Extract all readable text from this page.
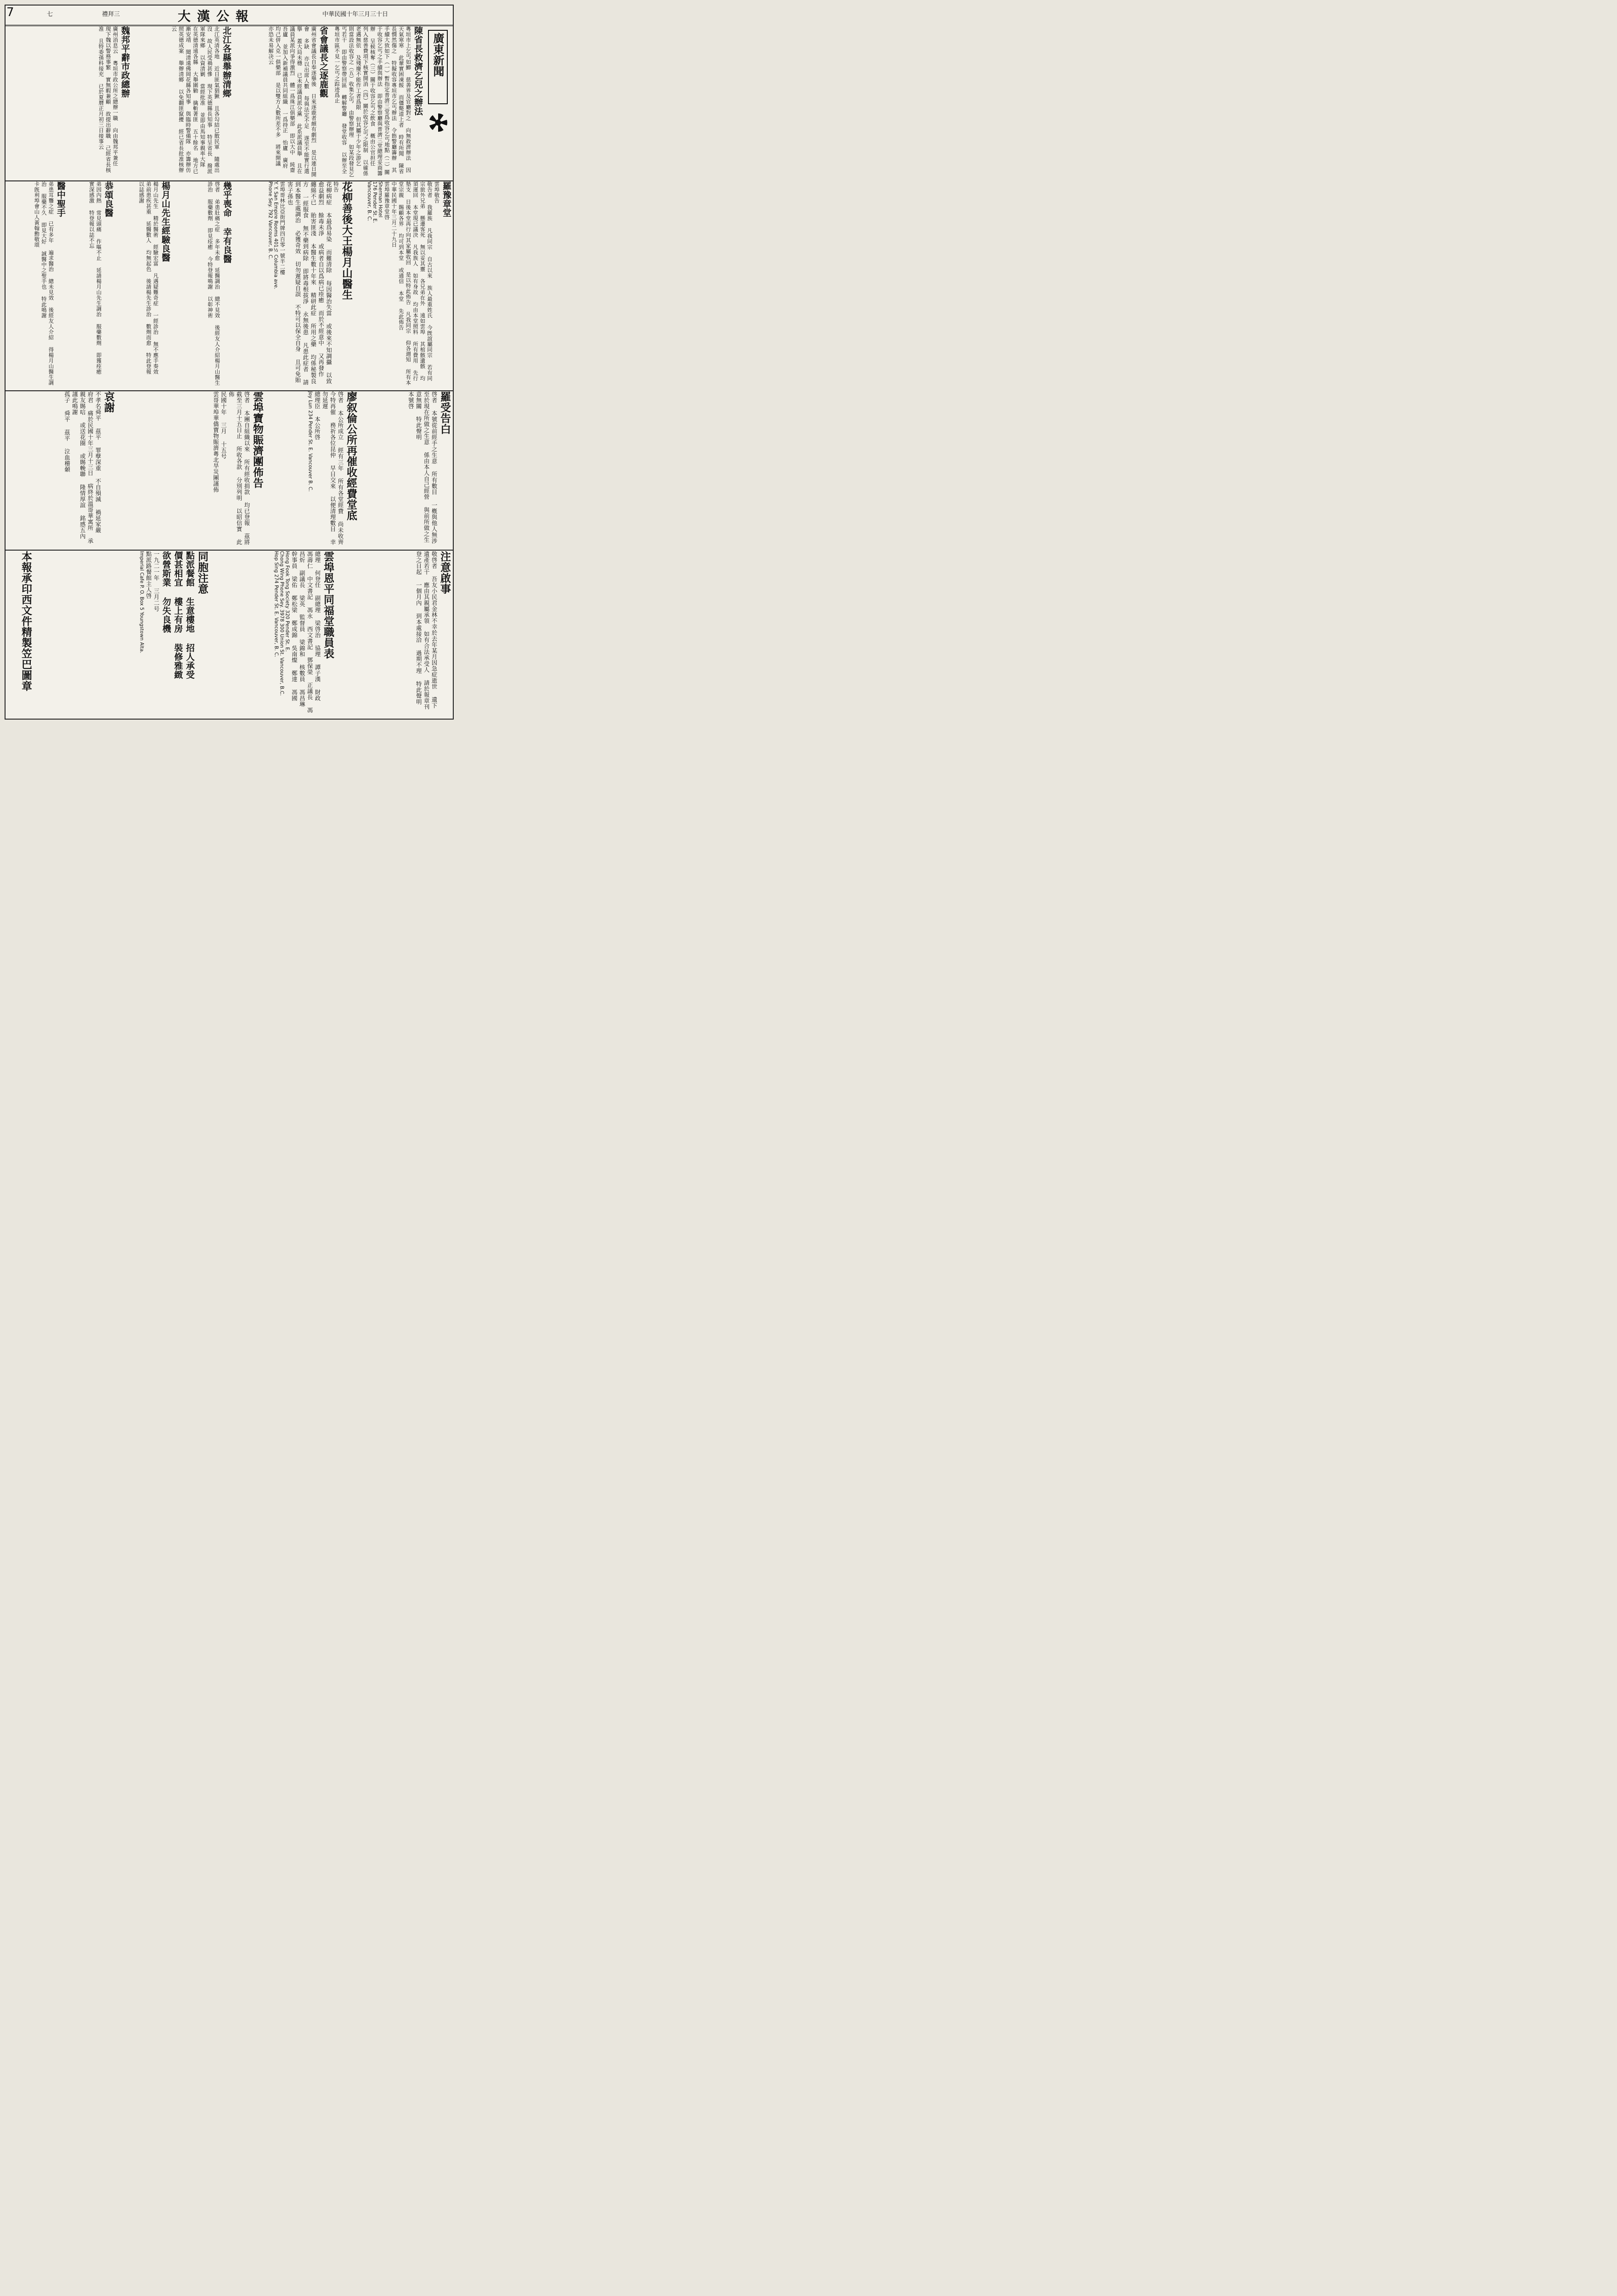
7	七	禮拜三	大漢公報	中華民國十年三月三十日
廣東新聞
陳省長救濟乞兒之辦法
粵垣市上乞丐如鯽 慈善界及官廳對之 向無救濟辦法 因天氣寒寒 此輩實困凍餒 而僵斃道上者 時有所聞 陳省長憫然傷之 特擬收容專垣市乞丐辦法 令飭警廳籌辦 其手續大致如下（一）暫指定普濟三堂爲收容乞丐地點（二）關于收容乞丐之手續與辦法 即由警察廳與普濟三堂總理妥商籌辦 呈候核奪（三）關于收容乞丐之飲食 概由公官担任 列入慈善費項下核實開消（四）關於收容乞丐之限制 以確係老邁無依 及殘廢不能作工者爲限 但其屬于少年之游乞 則當設法收容之（五）收集乞丐 由警察辦理 如某段發見乞丐若干 即由警察帶回區 轉解警廳 發堂收容 以辦至全粵垣市區不見一乞丐之踪迹爲止
省會議長之逐鹿觀
廣州省會議長自奉逐擧後 日來逐鹿者頗有劇烈 是以連日開會 多缺 亦以出席人數 每與法定不足 遂至不能實行選擧 蓋大局未穩 已未經議員派分黨 此系派議員舉 且在議員某派向爭得激烈 體一爲珠江俱樂部 即以大中 純齋 吾廬 並加入新補議員共同組織 一爲持正 怡廬 廣府 均己併入克一俱樂部 是以雙方人數所差不多 將來開議 亦恐未易解决云
北江各縣舉辦清鄉
北江英清各地 近日匪氣猖獗 且各勾結已散民軍 隨處出沒 故人民受禍甚慘 現下英德縣長知事 特呈省長 撥派軍隊來鄉 以資清剿 當經批准 並即由馬知事親率大隊 在英德清遠各縣 大舉圍勦 擒斬著匪 五十餘名 地方已漸安靖 聞清遠佛岡花縣各知事 與臨時警備隊 亦籌辦仿照英德成案 舉辦清鄉 以免翻匪竄擾 經已省長批准核辦云
魏邦平辭市政總辦
廣州消息云 粵垣市政公所之總辦一職 向由魏邦平兼任 現下魏以警務事繁 實無暇兼顧 故提出辭職 己經省長核准 且特委孫科接充 已於夏曆正月初三日接事云
羅豫章堂
雲埠敬告
敬告者 我羅族 凡我同宗 自古以來 族人最重姓氏 今旣誼屬同宗 若有同宗旅外兄弟 懸遷客死 無以妥其靈 各兄弟在外 遠如雲埠 其棺骸遺骸 均須運回 本堂現已議決 凡我族人 如有身故 均由本堂照料 所有費用 先行墊支 日後本堂再行向其家屬收回 是以特此佈告 凡我同宗 仰各週知 所有本堂宗親 賜顧各界 均可到本堂 或通信 本堂 先此佈告
中華民國十年三月二十九日
雲埠羅豫章堂啓
Sherman Hotel
176 Pender St. E.
Vancouver, B. C.
花柳善後大王楊月山醫生
特告
花柳病症 本最爲易染 而難清除 每因醫治失當 或後來不知調攝 以致愈益劇烈 餘毒未淨 或病者自以爲病已痊癒 而於不經意中 又再發作 纏綿不已 貽害匪淺 本醫生數十年來 精研此症 所用之藥 均係秘製良方 一經服食 無不藥到病除 即將毒根拔淨 永無後患 凡患此症者 請到本醫生處調治 必獲奇效 切勿遲疑自誤 不特可以保全自身 且可免貽害子孫也
雲埠哥林比亞街門牌四百零一號半二樓
Y. Y. San Empire Rooms 401½ Columbia ave.
Phone Sey. 792 Vancouver, B. C.
幾乎喪命 幸有良醫
啓者 弟患肚痛之症 多年未愈 延醫調治 總不見效 後經友人介紹楊月山醫生診治 服藥數劑 即見痊癒 今特登報鳴謝 以彰神術
楊月山先生經驗良醫
楊月山先生 精於醫術 經驗宏富 凡遇疑難奇症 一經診治 無不應手奏效 弟前患疾甚重 延醫數人 均無起色 後請楊先生診治 數劑而愈 特此登報 以誌感謝
恭頌良醫
弟因內熱 常見頭痛 作嘔不止 延請楊月山先生調治 服藥數劑 即獲痊癒 實深感激 特登報以誌不忘
醫中聖手
弟患耳聾之症 已有多年 遍求醫治 總未見效 後經友人介紹 得楊月山醫生調治 服藥不久 即見大好 誠醫中之聖手也 特此鳴謝
卡旣利埠會山人黃翰勳敬頌
羅受告白
啓者 本號從前經手之生意 所有數目 一槪與他人無涉 至於現在所做之生意 係由本人自己經營 與前所做之生意無關 特此聲明
本號啓
廖叙倫公所再催收經費堂底
啓者 本公所成立 經有三年 所有各堂經費 尚未收齊 今特再催 務祈各位昆仲 早日交來 以便清理數目 幸勿延遲
總理臣 本公所啓
Joy Lun 234 Pender St. E. Vancouver B. C.
雲埠寶物賑濟團佈告
啓者 本團自組織以來 所有經收捐款 均已登報 茲將截至三月十五日止 所收各款 分別列明 以昭信實 此佈
民國十年 三月 十五号
雲哥華埠華僑寶物賑濟粵北旱災團謹佈
哀謝
不孝名舜平 茲平 罪孽深重 不自殞滅 禍延家嚴 府君 痛於民國十年三月十三日 病終於溫哥華寓所 承親友賜唁 或送花圈 或賜輓聯 隆情厚誼 銘感五內 謹此鳴謝
孤子 舜平 茲平 泣血稽顙
注意啟事
敬啓者 吾友小民君金林不幸於去年某月因急症逝世 遺下遺產若干 應由其親屬承領 如有合法承受人 請於報章刊登之日起 一個月內 到本處接洽 過期不理 特此聲明
雲埠恩平同福堂職員表
總理 何登任 副總理 梁啓治 協理 譚子漢 財政 馮壽仁 中文書記 馮永 西文書記 鄧保榮 正議長 馮昌炘 副議長 梁英 監督員 梁錦和 核數員 馮昌琳 幹事員 梁佑 鄭松梁 鄭成錦 吳南燦 鄭達 馮國
Hong Fook Tong Society 320 Pender St. E.
Chong Wing Phone Sey. 3978 300 Union St. Vancouver, B.C.
Hop Sing 274 Pender St. E. Vancouver, B. C.
同胞注意
點派餐館 生意樓地 招人承受
價甚相宜 樓上有房 裝修雅緻
欲營斯業 勿失良機
一九二一年 三月二号
點派路餐館主人啓
Imperial Cafe P. O. Box 5 Youngstown Alta.
本報承印西文件精製笠巴圖章
